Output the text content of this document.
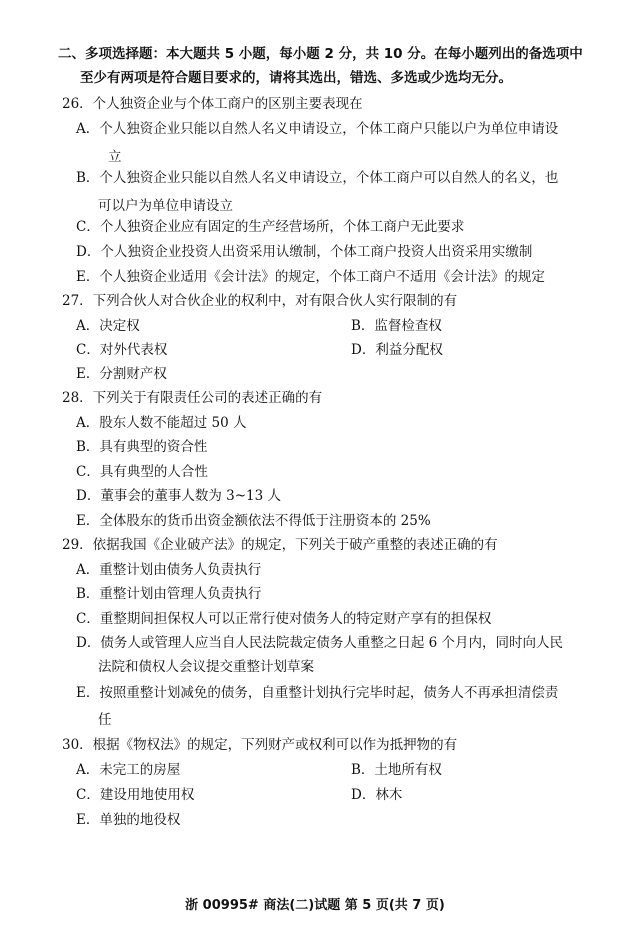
二、多项选择题：本大题共 5 小题，每小题 2 分，共 10 分。在每小题列出的备选项中
至少有两项是符合题目要求的，请将其选出，错选、多选或少选均无分。
26．个人独资企业与个体工商户的区别主要表现在
A．个人独资企业只能以自然人名义申请设立，个体工商户只能以户为单位申请设
立
B．个人独资企业只能以自然人名义申请设立，个体工商户可以自然人的名义，也
可以户为单位申请设立
C．个人独资企业应有固定的生产经营场所，个体工商户无此要求
D．个人独资企业投资人出资采用认缴制，个体工商户投资人出资采用实缴制
E．个人独资企业适用《会计法》的规定，个体工商户不适用《会计法》的规定
27．下列合伙人对合伙企业的权利中，对有限合伙人实行限制的有
A．决定权	B．监督检查权
C．对外代表权	D．利益分配权
E．分割财产权
28．下列关于有限责任公司的表述正确的有
A．股东人数不能超过 50 人
B．具有典型的资合性
C．具有典型的人合性
D．董事会的董事人数为 3~13 人
E．全体股东的货币出资金额依法不得低于注册资本的 25%
29．依据我国《企业破产法》的规定，下列关于破产重整的表述正确的有
A．重整计划由债务人负责执行
B．重整计划由管理人负责执行
C．重整期间担保权人可以正常行使对债务人的特定财产享有的担保权
D．债务人或管理人应当自人民法院裁定债务人重整之日起 6 个月内，同时向人民
法院和债权人会议提交重整计划草案
E．按照重整计划减免的债务，自重整计划执行完毕时起，债务人不再承担清偿责
任
30．根据《物权法》的规定，下列财产或权利可以作为抵押物的有
A．未完工的房屋	B．土地所有权
C．建设用地使用权	D．林木
E．单独的地役权
浙 00995# 商法(二)试题 第 5 页(共 7 页)
